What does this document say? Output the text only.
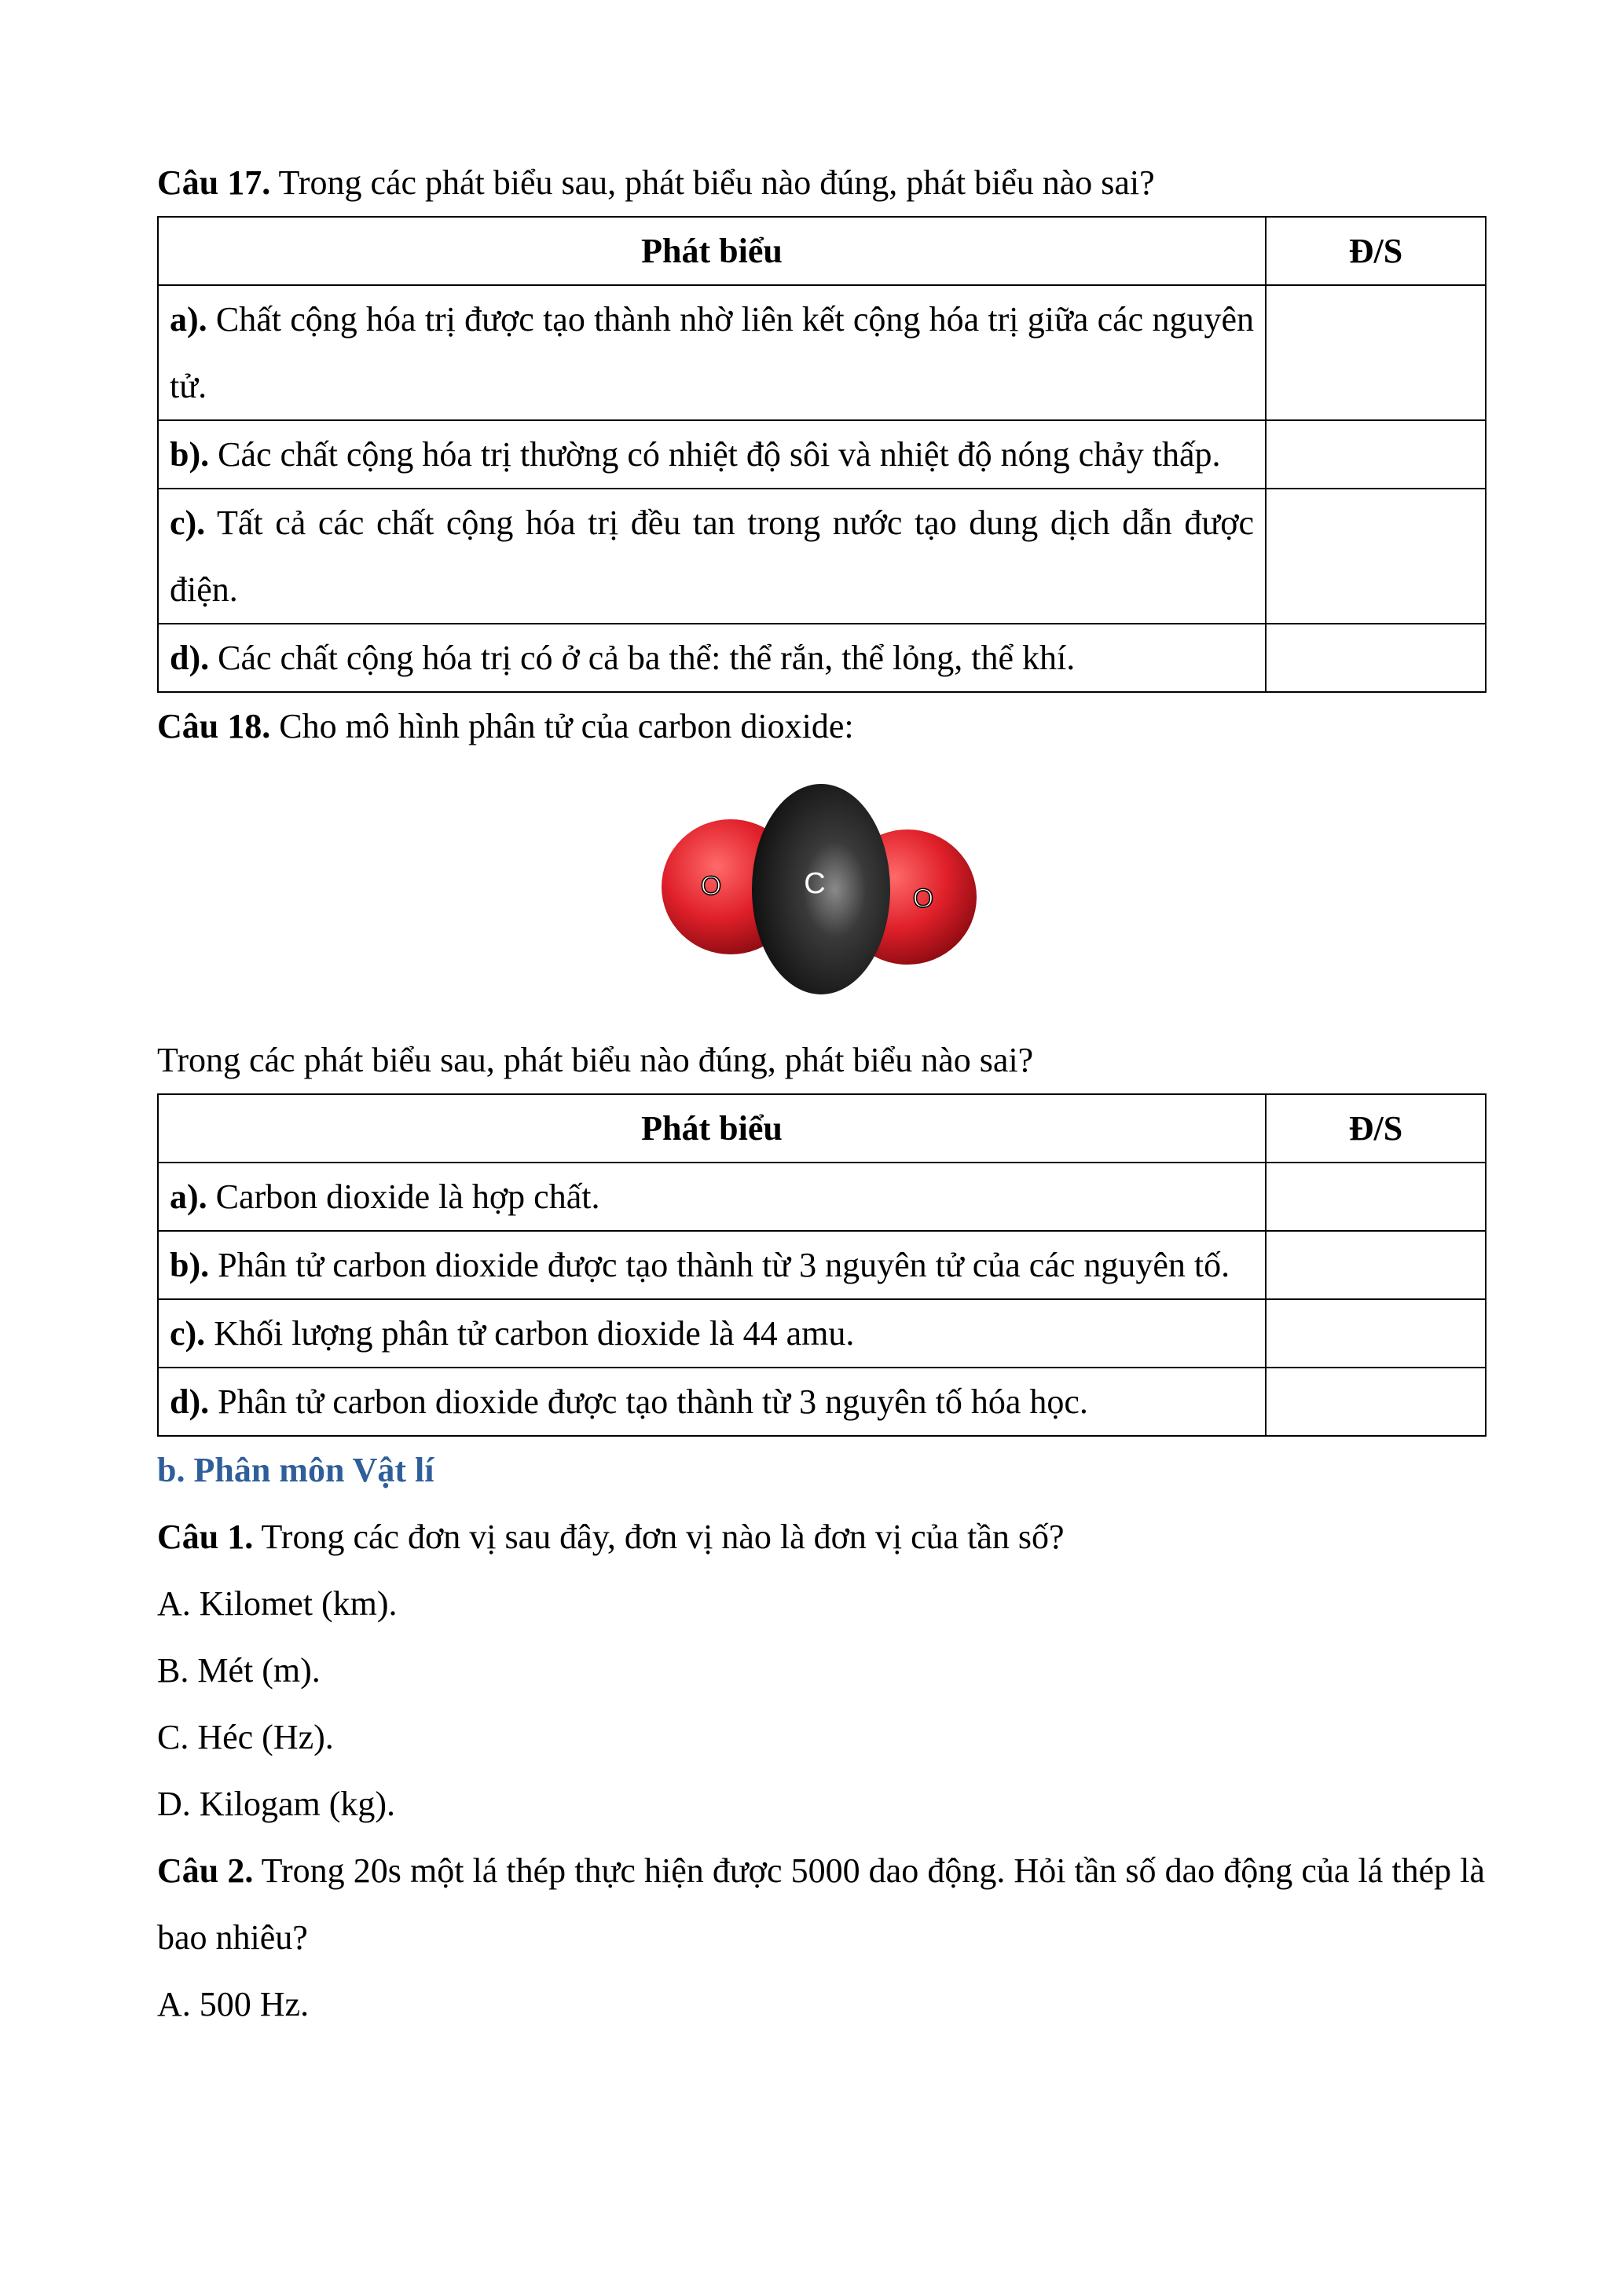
Câu 17. Trong các phát biểu sau, phát biểu nào đúng, phát biểu nào sai?

Phát biểu	Đ/S
a). Chất cộng hóa trị được tạo thành nhờ liên kết cộng hóa trị giữa các nguyên tử.	
b). Các chất cộng hóa trị thường có nhiệt độ sôi và nhiệt độ nóng chảy thấp.	
c). Tất cả các chất cộng hóa trị đều tan trong nước tạo dung dịch dẫn được điện.	
d). Các chất cộng hóa trị có ở cả ba thể: thể rắn, thể lỏng, thể khí.	

Câu 18. Cho mô hình phân tử của carbon dioxide:

O	C	O

Trong các phát biểu sau, phát biểu nào đúng, phát biểu nào sai?

Phát biểu	Đ/S
a). Carbon dioxide là hợp chất.	
b). Phân tử carbon dioxide được tạo thành từ 3 nguyên tử của các nguyên tố.	
c). Khối lượng phân tử carbon dioxide là 44 amu.	
d). Phân tử carbon dioxide được tạo thành từ 3 nguyên tố hóa học.	

b. Phân môn Vật lí

Câu 1. Trong các đơn vị sau đây, đơn vị nào là đơn vị của tần số?

A. Kilomet (km).

B. Mét (m).

C. Héc (Hz).

D. Kilogam (kg).

Câu 2. Trong 20s một lá thép thực hiện được 5000 dao động. Hỏi tần số dao động của lá thép là bao nhiêu?

A. 500 Hz.
